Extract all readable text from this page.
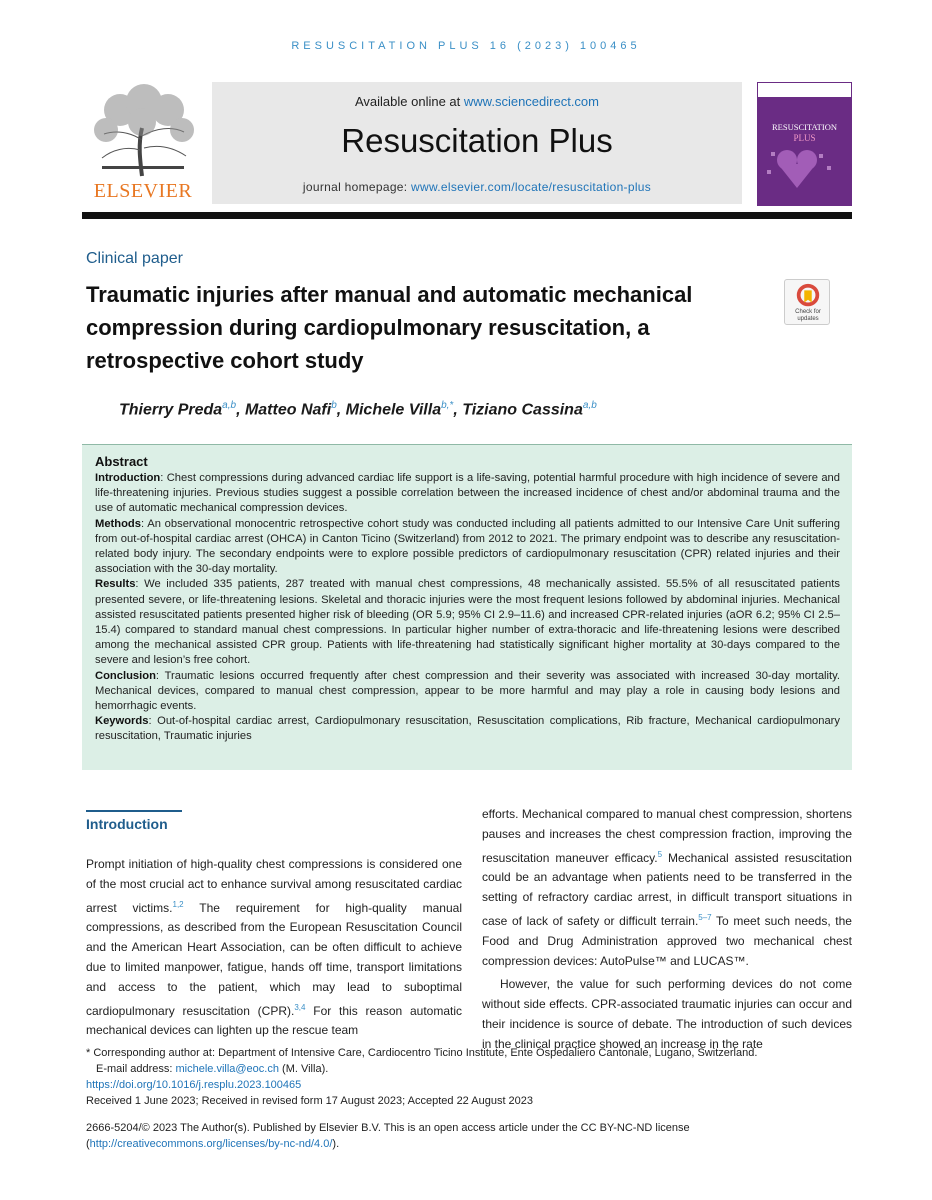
RESUSCITATION PLUS 16 (2023) 100465
ELSEVIER
Available online at www.sciencedirect.com
Resuscitation Plus
journal homepage: www.elsevier.com/locate/resuscitation-plus
RESUSCITATION
PLUS
Clinical paper
Traumatic injuries after manual and automatic mechanical compression during cardiopulmonary resuscitation, a retrospective cohort study
Check for updates
Thierry Preda$^{a,b}$, Matteo Nafi$^b$, Michele Villa$^{b,*}$, Tiziano Cassina$^{a,b}$
Abstract

Introduction: Chest compressions during advanced cardiac life support is a life-saving, potential harmful procedure with high incidence of severe and life-threatening injuries. Previous studies suggest a possible correlation between the increased incidence of chest and/or abdominal trauma and the use of automatic mechanical compression devices.

Methods: An observational monocentric retrospective cohort study was conducted including all patients admitted to our Intensive Care Unit suffering from out-of-hospital cardiac arrest (OHCA) in Canton Ticino (Switzerland) from 2012 to 2021. The primary endpoint was to describe any resuscitation-related body injury. The secondary endpoints were to explore possible predictors of cardiopulmonary resuscitation (CPR) related injuries and their association with the 30-day mortality.

Results: We included 335 patients, 287 treated with manual chest compressions, 48 mechanically assisted. 55.5% of all resuscitated patients presented severe, or life-threatening lesions. Skeletal and thoracic injuries were the most frequent lesions followed by abdominal injuries. Mechanical assisted resuscitated patients presented higher risk of bleeding (OR 5.9; 95% CI 2.9–11.6) and increased CPR-related injuries (aOR 6.2; 95% CI 2.5–15.4) compared to standard manual chest compressions. In particular higher number of extra-thoracic and life-threatening lesions were described among the mechanical assisted CPR group. Patients with life-threatening had statistically significant higher mortality at 30-days compared to the severe and lesion’s free cohort.

Conclusion: Traumatic lesions occurred frequently after chest compression and their severity was associated with increased 30-day mortality. Mechanical devices, compared to manual chest compression, appear to be more harmful and may play a role in causing body lesions and hemorrhagic events.

Keywords: Out-of-hospital cardiac arrest, Cardiopulmonary resuscitation, Resuscitation complications, Rib fracture, Mechanical cardiopulmonary resuscitation, Traumatic injuries

Introduction

Prompt initiation of high-quality chest compressions is considered one of the most crucial act to enhance survival among resuscitated cardiac arrest victims.$^{1,2}$ The requirement for high-quality manual compressions, as described from the European Resuscitation Council and the American Heart Association, can be often difficult to achieve due to limited manpower, fatigue, hands off time, transport limitations and access to the patient, which may lead to suboptimal cardiopulmonary resuscitation (CPR).$^{3,4}$ For this reason automatic mechanical devices can lighten up the rescue team

efforts. Mechanical compared to manual chest compression, shortens pauses and increases the chest compression fraction, improving the resuscitation maneuver efficacy.$^5$ Mechanical assisted resuscitation could be an advantage when patients need to be transferred in the setting of refractory cardiac arrest, in difficult transport situations in case of lack of safety or difficult terrain.$^{5-7}$ To meet such needs, the Food and Drug Administration approved two mechanical chest compression devices: AutoPulse™ and LUCAS™.

However, the value for such performing devices do not come without side effects. CPR-associated traumatic injuries can occur and their incidence is source of debate. The introduction of such devices in the clinical practice showed an increase in the rate

* Corresponding author at: Department of Intensive Care, Cardiocentro Ticino Institute, Ente Ospedaliero Cantonale, Lugano, Switzerland.
E-mail address: michele.villa@eoc.ch (M. Villa).
https://doi.org/10.1016/j.resplu.2023.100465
Received 1 June 2023; Received in revised form 17 August 2023; Accepted 22 August 2023
2666-5204/© 2023 The Author(s). Published by Elsevier B.V. This is an open access article under the CC BY-NC-ND license (http://creativecommons.org/licenses/by-nc-nd/4.0/).
